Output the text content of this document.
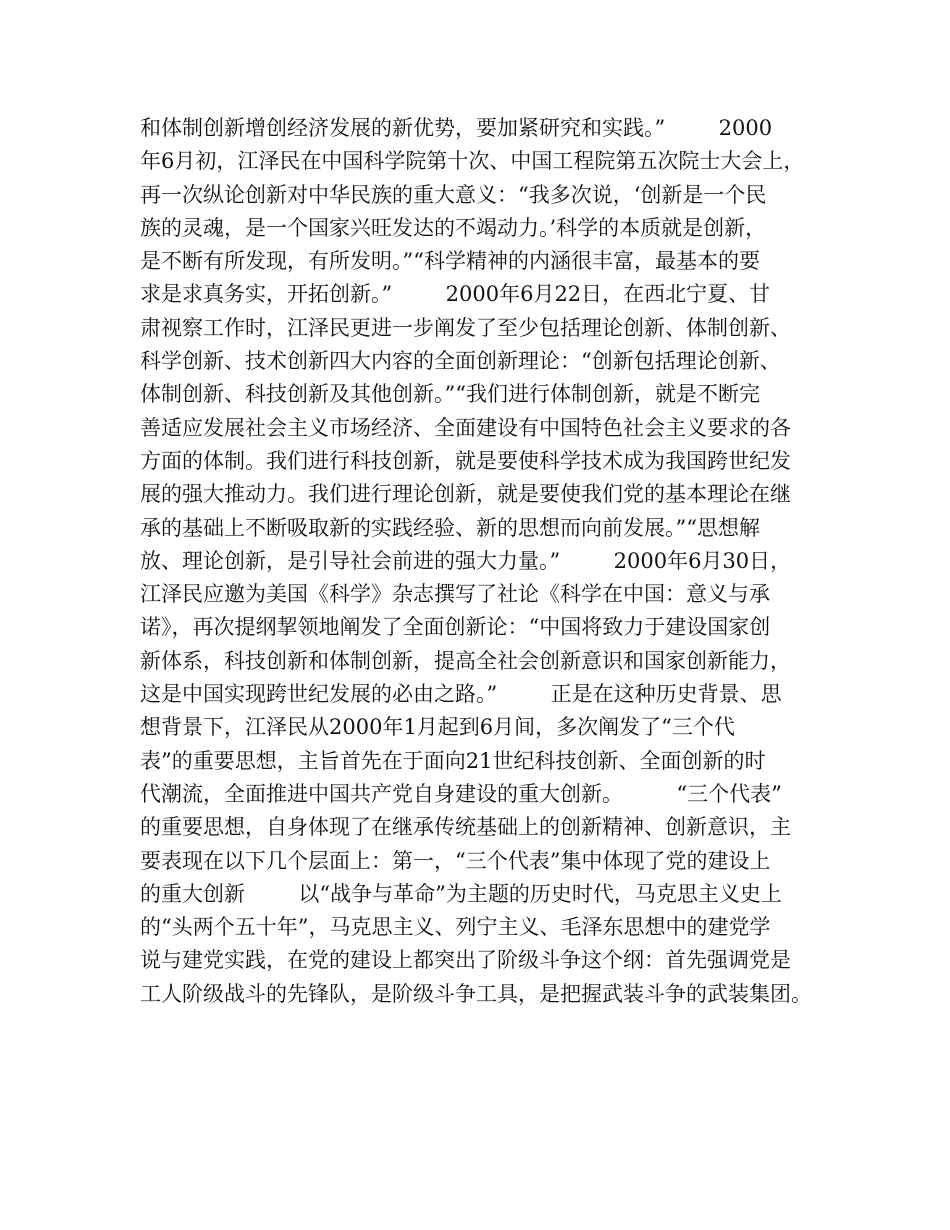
和体制创新增创经济发展的新优势，要加紧研究和实践。”        2000
年6月初，江泽民在中国科学院第十次、中国工程院第五次院士大会上，
再一次纵论创新对中华民族的重大意义：“我多次说，‘创新是一个民
族的灵魂，是一个国家兴旺发达的不竭动力。’科学的本质就是创新，
是不断有所发现，有所发明。”“科学精神的内涵很丰富，最基本的要
求是求真务实，开拓创新。”        2000年6月22日，在西北宁夏、甘
肃视察工作时，江泽民更进一步阐发了至少包括理论创新、体制创新、
科学创新、技术创新四大内容的全面创新理论：“创新包括理论创新、
体制创新、科技创新及其他创新。”“我们进行体制创新，就是不断完
善适应发展社会主义市场经济、全面建设有中国特色社会主义要求的各
方面的体制。我们进行科技创新，就是要使科学技术成为我国跨世纪发
展的强大推动力。我们进行理论创新，就是要使我们党的基本理论在继
承的基础上不断吸取新的实践经验、新的思想而向前发展。”“思想解
放、理论创新，是引导社会前进的强大力量。”        2000年6月30日，
江泽民应邀为美国《科学》杂志撰写了社论《科学在中国：意义与承
诺》，再次提纲挈领地阐发了全面创新论：“中国将致力于建设国家创
新体系，科技创新和体制创新，提高全社会创新意识和国家创新能力，
这是中国实现跨世纪发展的必由之路。”        正是在这种历史背景、思
想背景下，江泽民从2000年1月起到6月间，多次阐发了“三个代
表”的重要思想，主旨首先在于面向21世纪科技创新、全面创新的时
代潮流，全面推进中国共产党自身建设的重大创新。        “三个代表”
的重要思想，自身体现了在继承传统基础上的创新精神、创新意识，主
要表现在以下几个层面上：第一，“三个代表”集中体现了党的建设上
的重大创新        以“战争与革命”为主题的历史时代，马克思主义史上
的“头两个五十年”，马克思主义、列宁主义、毛泽东思想中的建党学
说与建党实践，在党的建设上都突出了阶级斗争这个纲：首先强调党是
工人阶级战斗的先锋队，是阶级斗争工具，是把握武装斗争的武装集团。
